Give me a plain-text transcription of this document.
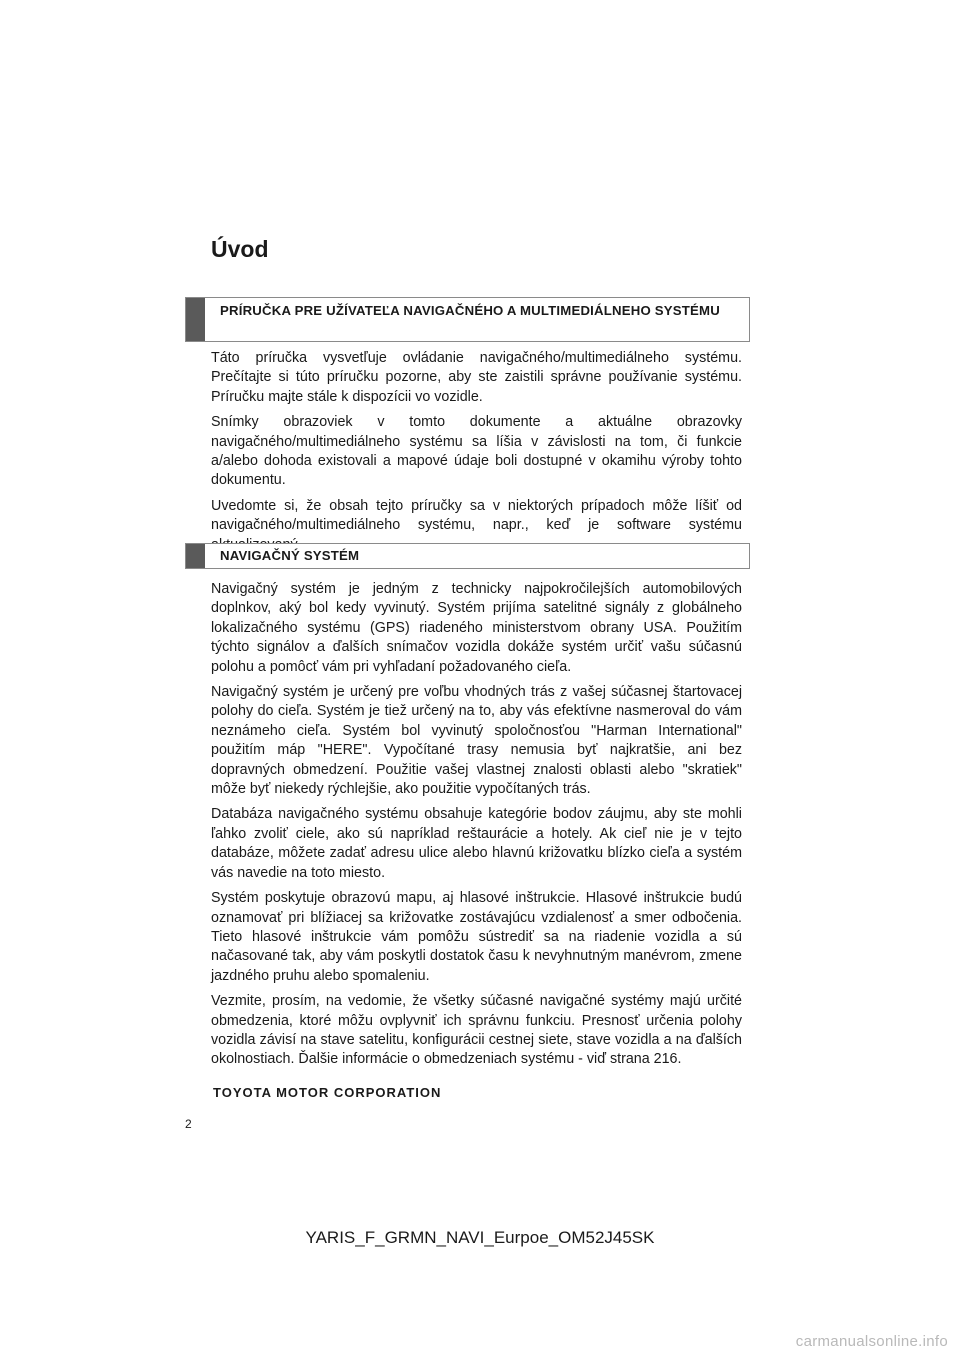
Úvod
PRÍRUČKA PRE UŽÍVATEĽA NAVIGAČNÉHO A MULTIMEDIÁLNEHO SYSTÉMU

Táto príručka vysvetľuje ovládanie navigačného/multimediálneho systému. Prečítajte si túto príručku pozorne, aby ste zaistili správne používanie systému. Príručku majte stále k dispozícii vo vozidle.

Snímky obrazoviek v tomto dokumente a aktuálne obrazovky navigačného/multimediálneho systému sa líšia v závislosti na tom, či funkcie a/alebo dohoda existovali a mapové údaje boli dostupné v okamihu výroby tohto dokumentu.

Uvedomte si, že obsah tejto príručky sa v niektorých prípadoch môže líšiť od navigačného/multimediálneho systému, napr., keď je software systému

NAVIGAČNÝ SYSTÉM

Navigačný systém je jedným z technicky najpokročilejších automobilových doplnkov, aký bol kedy vyvinutý. Systém prijíma satelitné signály z globálneho lokalizačného systému (GPS) riadeného ministerstvom obrany USA. Použitím týchto signálov a ďalších snímačov vozidla dokáže systém určiť vašu súčasnú polohu a pomôcť vám pri vyhľadaní požadovaného cieľa.

Navigačný systém je určený pre voľbu vhodných trás z vašej súčasnej štartovacej polohy do cieľa. Systém je tiež určený na to, aby vás efektívne nasmeroval do vám neznámeho cieľa. Systém bol vyvinutý spoločnosťou "Harman International" použitím máp "HERE". Vypočítané trasy nemusia byť najkratšie, ani bez dopravných obmedzení. Použitie vašej vlastnej znalosti oblasti alebo "skratiek" môže byť niekedy rýchlejšie, ako použitie vypočítaných trás.

Databáza navigačného systému obsahuje kategórie bodov záujmu, aby ste mohli ľahko zvoliť ciele, ako sú napríklad reštaurácie a hotely. Ak cieľ nie je v tejto databáze, môžete zadať adresu ulice alebo hlavnú križovatku blízko cieľa a systém vás navedie na toto miesto.

Systém poskytuje obrazovú mapu, aj hlasové inštrukcie. Hlasové inštrukcie budú oznamovať pri blížiacej sa križovatke zostávajúcu vzdialenosť a smer odbočenia. Tieto hlasové inštrukcie vám pomôžu sústrediť sa na riadenie vozidla a sú načasované tak, aby vám poskytli dostatok času k nevyhnutným manévrom, zmene jazdného pruhu alebo spomaleniu.

Vezmite, prosím, na vedomie, že všetky súčasné navigačné systémy majú určité obmedzenia, ktoré môžu ovplyvniť ich správnu funkciu. Presnosť určenia polohy vozidla závisí na stave satelitu, konfigurácii cestnej siete, stave vozidla a na ďalších okolnostiach. Ďalšie informácie o obmedzeniach systému - viď strana 216.

TOYOTA MOTOR CORPORATION
2
YARIS_F_GRMN_NAVI_Eurpoe_OM52J45SK
carmanualsonline.info
